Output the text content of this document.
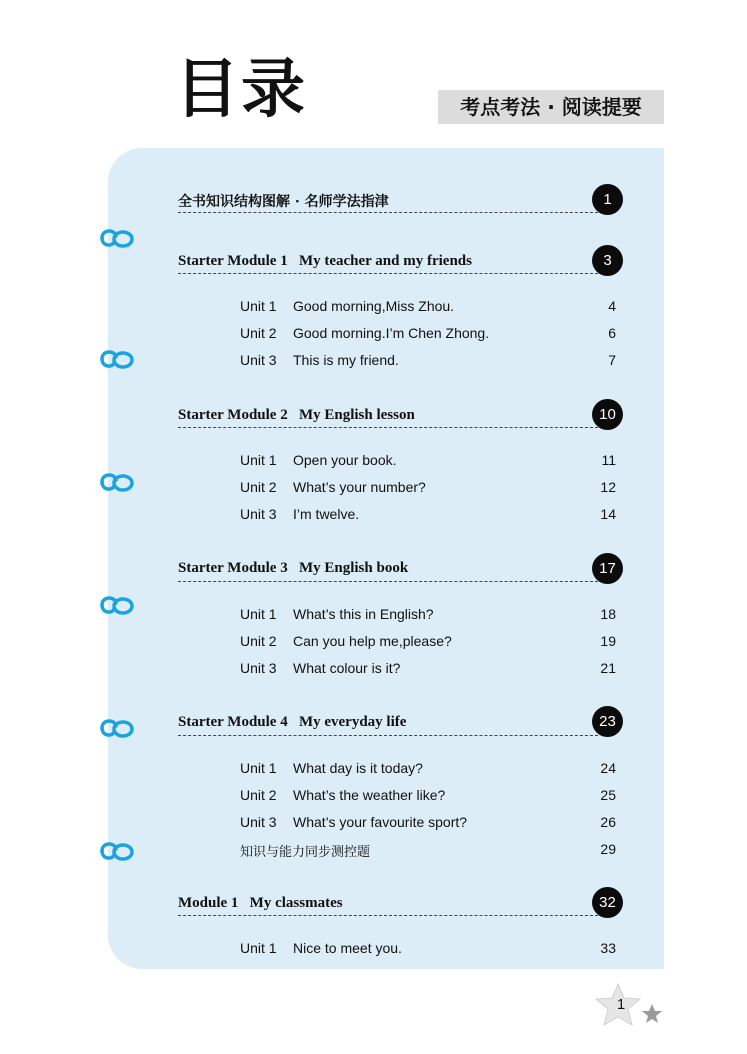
目录	考点考法 · 阅读提要
全书知识结构图解 · 名师学法指津	1
Starter Module 1   My teacher and my friends	3
Unit 1 Good morning,Miss Zhou.	4
Unit 2 Good morning.I’m Chen Zhong.	6
Unit 3 This is my friend.	7
Starter Module 2   My English lesson	10
Unit 1 Open your book.	11
Unit 2 What’s your number?	12
Unit 3 I’m twelve.	14
Starter Module 3   My English book	17
Unit 1 What’s this in English?	18
Unit 2 Can you help me,please?	19
Unit 3 What colour is it?	21
Starter Module 4   My everyday life	23
Unit 1 What day is it today?	24
Unit 2 What’s the weather like?	25
Unit 3 What’s your favourite sport?	26
知识与能力同步测控题	29
Module 1   My classmates	32
Unit 1 Nice to meet you.	33
1
